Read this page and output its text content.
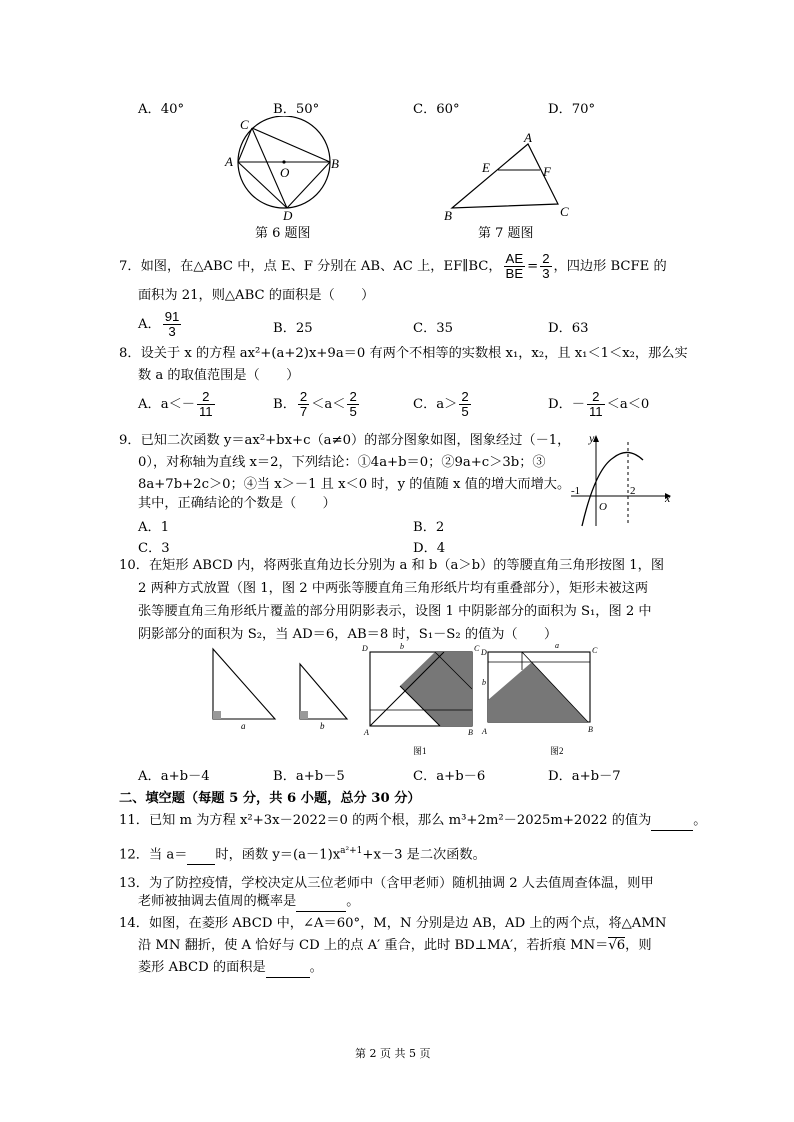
A．40°	B．50°	C．60°	D．70°
C
A
O
B
D
第 6 题图
A
E	F
B	C
第 7 题图
7．如图，在△ABC 中，点 E、F 分别在 AB、AC 上，EF∥BC， $\frac{AE}{BE} = \frac{2}{3}$ ，四边形 BCFE 的
面积为 21，则△ABC 的面积是（　　）
A． $\frac{91}{3}$	B．25	C．35	D．63
8．设关于 x 的方程 ax²+(a+2)x+9a＝0 有两个不相等的实数根 x₁，x₂，且 x₁＜1＜x₂，那么实
数 a 的取值范围是（　　）
A．$a<- \frac{2}{11}$	B． $\frac{2}{7} <a< \frac{2}{5}$	C．$a> \frac{2}{5}$	D．－ $\frac{2}{11} <a<0$
9．已知二次函数 y＝ax²+bx+c（a≠0）的部分图象如图，图象经过（－1，
0），对称轴为直线 x＝2，下列结论：①4a+b＝0；②9a+c＞3b；③
8a+7b+2c＞0；④当 x＞－1 且 x＜0 时，y 的值随 x 值的增大而增大。
其中，正确结论的个数是（　　）
A．1	B．2
C．3	D．4
y
x
-1	2
O
10．在矩形 ABCD 内，将两张直角边长分别为 a 和 b（a＞b）的等腰直角三角形按图 1，图
2 两种方式放置（图 1，图 2 中两张等腰直角三角形纸片均有重叠部分），矩形未被这两
张等腰直角三角形纸片覆盖的部分用阴影表示，设图 1 中阴影部分的面积为 S₁，图 2 中
阴影部分的面积为 S₂，当 AD＝6，AB＝8 时，S₁－S₂ 的值为（　　）
a	b
D	C
A	B
b
图1
D	C
A	B
a
b
图2
A．a+b－4	B．a+b－5	C．a+b－6	D．a+b－7
二、填空题（每题 5 分，共 6 小题，总分 30 分）
11．已知 m 为方程 x²+3x－2022＝0 的两个根，那么 m³+2m²－2025m+2022 的值为	。
12．当 a＝ 时，函数 $y=(a-1)x^{a^2+1}+x-3$ 是二次函数。
13．为了防控疫情，学校决定从三位老师中（含甲老师）随机抽调 2 人去值周查体温，则甲
老师被抽调去值周的概率是	。
14．如图，在菱形 ABCD 中，∠A＝60°，M，N 分别是边 AB，AD 上的两个点，将△AMN
沿 MN 翻折，使 A 恰好与 CD 上的点 A′ 重合，此时 BD⊥MA′，若折痕 MN＝√6，则
菱形 ABCD 的面积是	。
第 2 页 共 5 页
